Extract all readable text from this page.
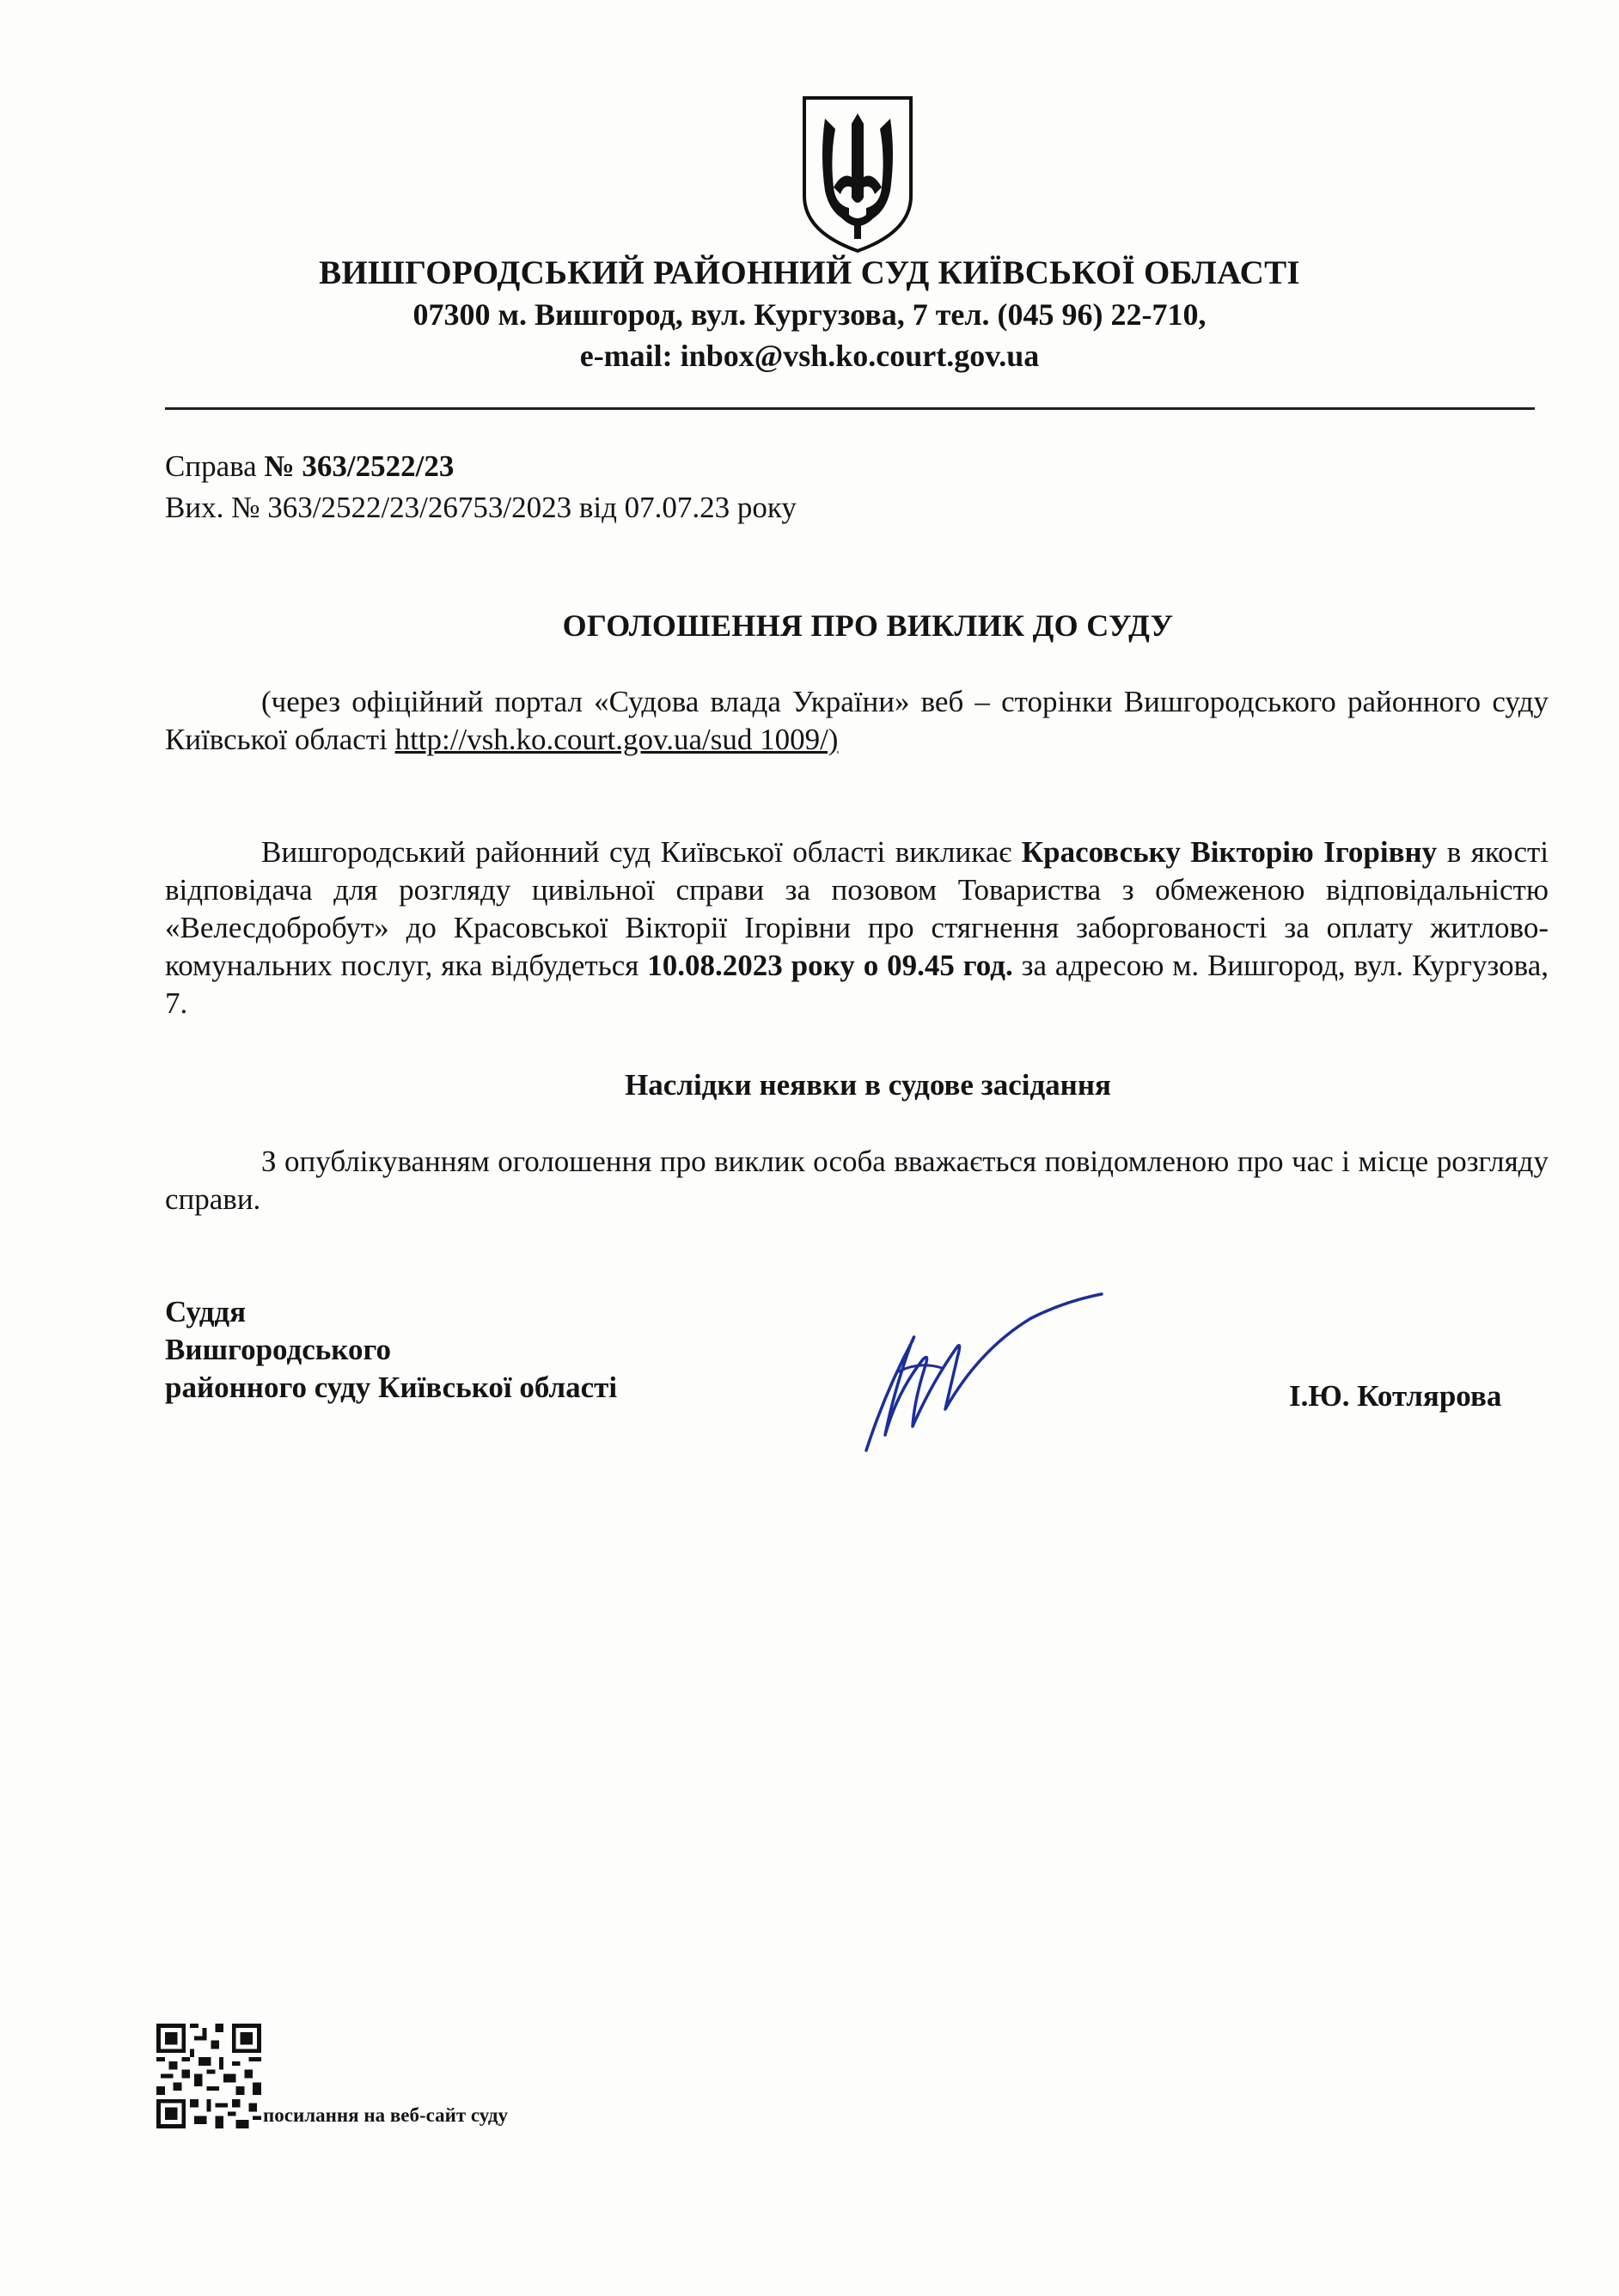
ВИШГОРОДСЬКИЙ РАЙОННИЙ СУД КИЇВСЬКОЇ ОБЛАСТІ
07300 м. Вишгород, вул. Кургузова, 7 тел. (045 96) 22-710,
e-mail: inbox@vsh.ko.court.gov.ua
Справа № 363/2522/23
Вих. № 363/2522/23/26753/2023 від 07.07.23 року
ОГОЛОШЕННЯ ПРО ВИКЛИК ДО СУДУ
(через офіційний портал «Судова влада України» веб – сторінки Вишгородського районного суду Київської області http://vsh.ko.court.gov.ua/sud 1009/)
Вишгородський районний суд Київської області викликає Красовську Вікторію Ігорівну в якості відповідача для розгляду цивільної справи за позовом Товариства з обмеженою відповідальністю «Велесдобробут» до Красовської Вікторії Ігорівни про стягнення заборгованості за оплату житлово-комунальних послуг, яка відбудеться 10.08.2023 року о 09.45 год. за адресою м. Вишгород, вул. Кургузова, 7.
Наслідки неявки в судове засідання
З опублікуванням оголошення про виклик особа вважається повідомленою про час і місце розгляду справи.
Суддя
Вишгородського
районного суду Київської області	І.Ю. Котлярова
посилання на веб-сайт суду
